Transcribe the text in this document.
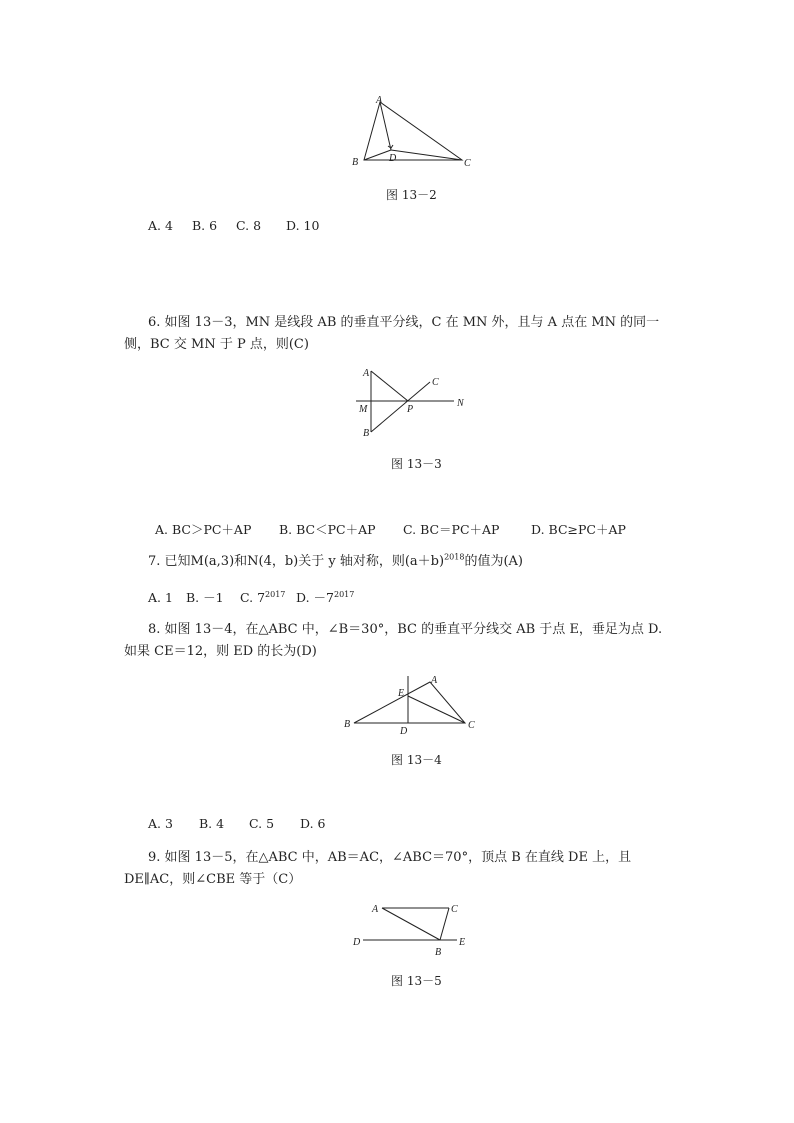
A
B	C
D
图 13－2
A. 4 B. 6 C. 8 D. 10
6. 如图 13－3，MN 是线段 AB 的垂直平分线，C 在 MN 外，且与 A 点在 MN 的同一
侧，BC 交 MN 于 P 点，则(C)
A
B
C
M
N
P
图 13－3
A. BC＞PC＋AP B. BC＜PC＋AP C. BC＝PC＋AP	D. BC≥PC＋AP
7. 已知M(a,3)和N(4，b)关于 y 轴对称，则$(a+b)^{2018}$的值为(A)
A. 1 B. －1 C. $7^{2017}$ D. $-7^{2017}$
8. 如图 13－4，在△ABC 中，∠B＝30°，BC 的垂直平分线交 AB 于点 E，垂足为点 D.
如果 CE＝12，则 ED 的长为(D)
A
B	C
D
E
图 13－4
A. 3 B. 4 C. 5 D. 6
9. 如图 13－5，在△ABC 中，AB＝AC，∠ABC＝70°，顶点 B 在直线 DE 上，且
DE∥AC，则∠CBE 等于（C）
A	C
D	E
B
图 13－5
